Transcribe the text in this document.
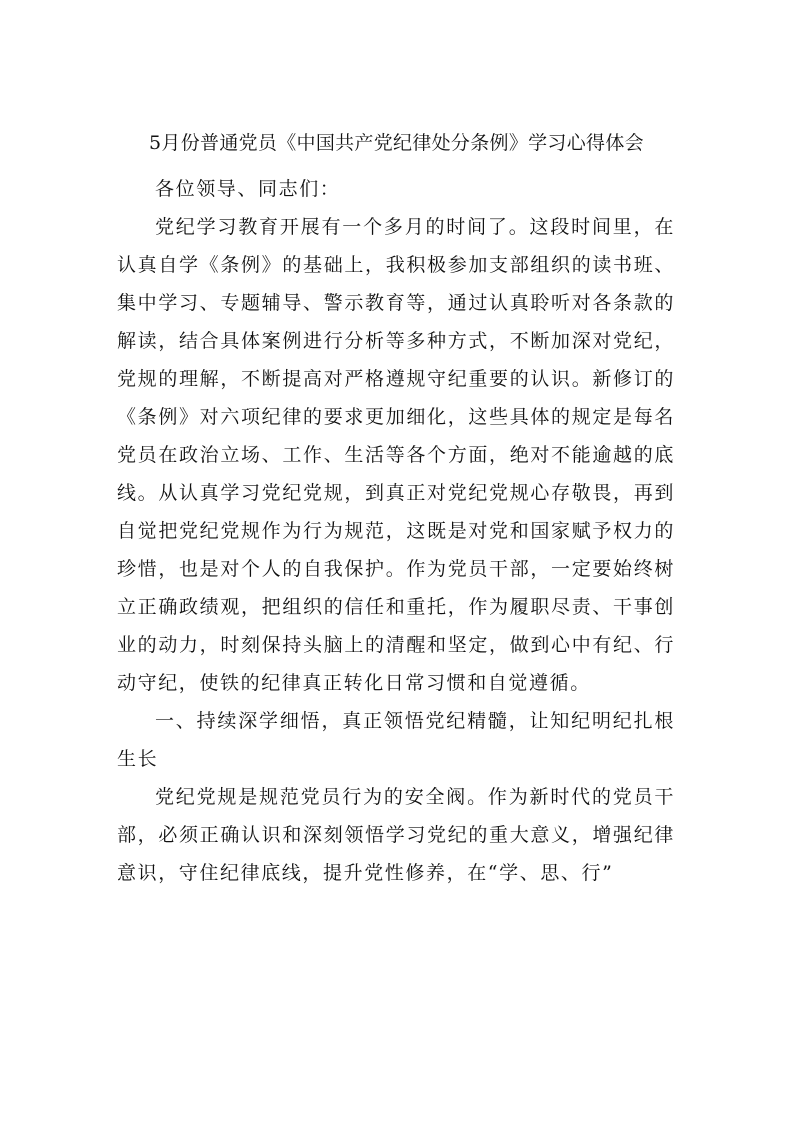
5月份普通党员《中国共产党纪律处分条例》学习心得体会

各位领导、同志们：

党纪学习教育开展有一个多月的时间了。这段时间里，在认真自学《条例》的基础上，我积极参加支部组织的读书班、集中学习、专题辅导、警示教育等，通过认真聆听对各条款的解读，结合具体案例进行分析等多种方式，不断加深对党纪，党规的理解，不断提高对严格遵规守纪重要的认识。新修订的《条例》对六项纪律的要求更加细化，这些具体的规定是每名党员在政治立场、工作、生活等各个方面，绝对不能逾越的底线。从认真学习党纪党规，到真正对党纪党规心存敬畏，再到自觉把党纪党规作为行为规范，这既是对党和国家赋予权力的珍惜，也是对个人的自我保护。作为党员干部，一定要始终树立正确政绩观，把组织的信任和重托，作为履职尽责、干事创业的动力，时刻保持头脑上的清醒和坚定，做到心中有纪、行动守纪，使铁的纪律真正转化日常习惯和自觉遵循。

一、持续深学细悟，真正领悟党纪精髓，让知纪明纪扎根生长

党纪党规是规范党员行为的安全阀。作为新时代的党员干部，必须正确认识和深刻领悟学习党纪的重大意义，增强纪律意识，守住纪律底线，提升党性修养，在“学、思、行”
